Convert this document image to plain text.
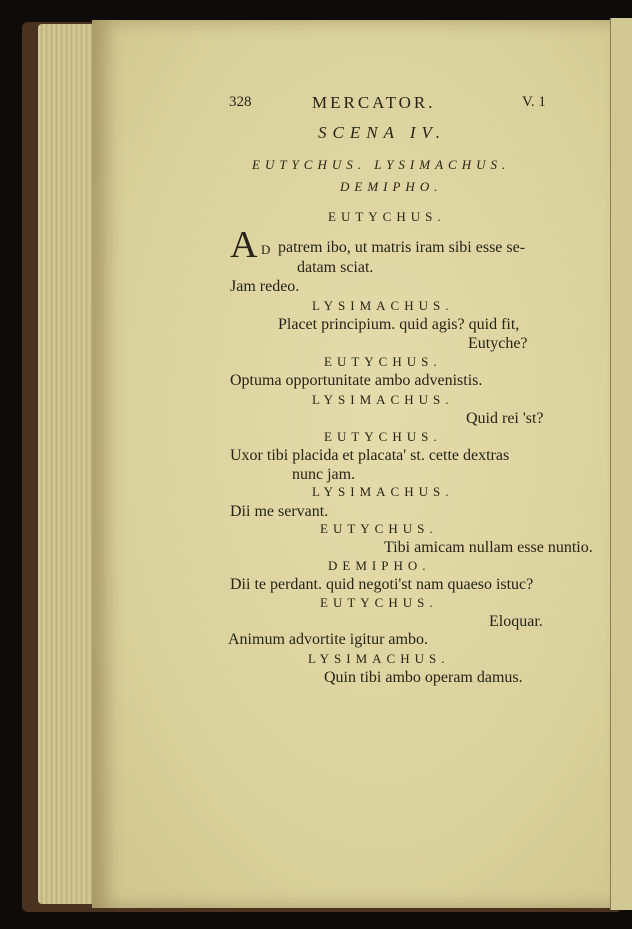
328	MERCATOR.	V. 1
SCENA IV.
EUTYCHUS. LYSIMACHUS.
DEMIPHO.
EUTYCHUS.
A D patrem ibo, ut matris iram sibi esse se-
datam sciat.
Jam redeo.
LYSIMACHUS.
Placet principium. quid agis? quid fit,
Eutyche?
EUTYCHUS.
Optuma opportunitate ambo advenistis.
LYSIMACHUS.
Quid rei 'st?
EUTYCHUS.
Uxor tibi placida et placata' st. cette dextras
nunc jam.
LYSIMACHUS.
Dii me servant.
EUTYCHUS.
Tibi amicam nullam esse nuntio.
DEMIPHO.
Dii te perdant. quid negoti'st nam quaeso istuc?
EUTYCHUS.
Eloquar.
Animum advortite igitur ambo.
LYSIMACHUS.
Quin tibi ambo operam damus.
